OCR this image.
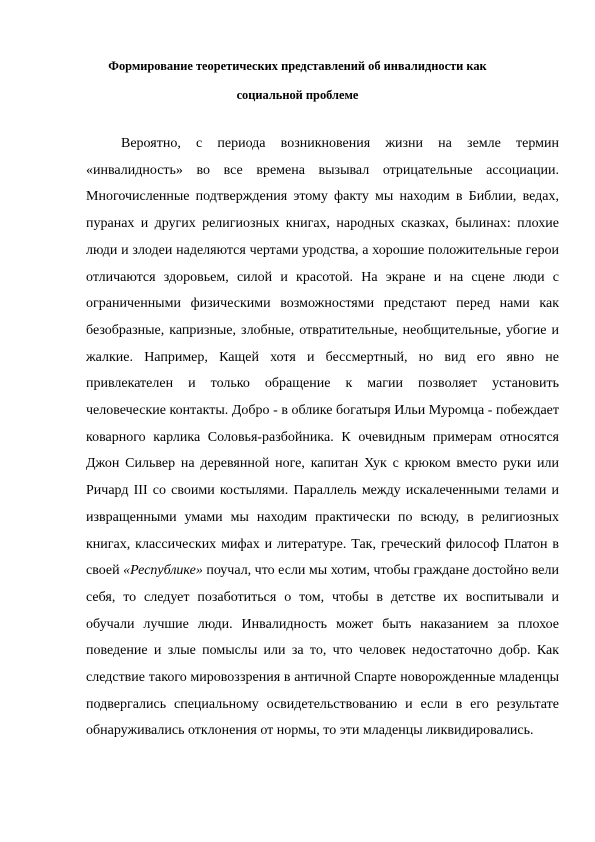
Формирование теоретических представлений об инвалидности как
социальной проблеме

Вероятно, с периода возникновения жизни на земле термин «инвалидность» во все времена вызывал отрицательные ассоциации. Многочисленные подтверждения этому факту мы находим в Библии, ведах, пуранах и других религиозных книгах, народных сказках, былинах: плохие люди и злодеи наделяются чертами уродства, а хорошие положительные герои отличаются здоровьем, силой и красотой. На экране и на сцене люди с ограниченными физическими возможностями предстают перед нами как безобразные, капризные, злобные, отвратительные, необщительные, убогие и жалкие. Например, Кащей хотя и бессмертный, но вид его явно не привлекателен и только обращение к магии позволяет установить человеческие контакты. Добро - в облике богатыря Ильи Муромца - побеждает коварного карлика Соловья-разбойника. К очевидным примерам относятся Джон Сильвер на деревянной ноге, капитан Хук с крюком вместо руки или Ричард III со своими костылями. Параллель между искалеченными телами и извращенными умами мы находим практически по всюду, в религиозных книгах, классических мифах и литературе. Так, греческий философ Платон в своей «Республике» поучал, что если мы хотим, чтобы граждане достойно вели себя, то следует позаботиться о том, чтобы в детстве их воспитывали и обучали лучшие люди. Инвалидность может быть наказанием за плохое поведение и злые помыслы или за то, что человек недостаточно добр. Как следствие такого мировоззрения в античной Спарте новорожденные младенцы подвергались специальному освидетельствованию и если в его результате обнаруживались отклонения от нормы, то эти младенцы ликвидировались.
